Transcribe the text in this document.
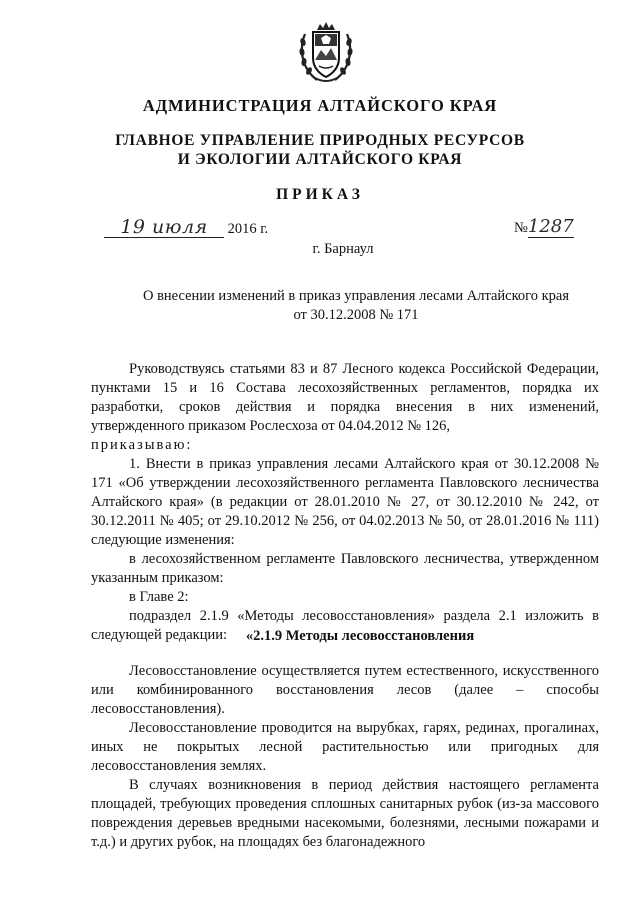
АДМИНИСТРАЦИЯ АЛТАЙСКОГО КРАЯ
ГЛАВНОЕ УПРАВЛЕНИЕ ПРИРОДНЫХ РЕСУРСОВ
И ЭКОЛОГИИ АЛТАЙСКОГО КРАЯ
ПРИКАЗ
19 июля 2016 г.	№1287
г. Барнаул
О внесении изменений в приказ управления лесами Алтайского края
от 30.12.2008 № 171

Руководствуясь статьями 83 и 87 Лесного кодекса Российской Федерации, пунктами 15 и 16 Состава лесохозяйственных регламентов, порядка их разработки, сроков действия и порядка внесения в них изменений, утвержденного приказом Рослесхоза от 04.04.2012 № 126,

приказываю:

1. Внести в приказ управления лесами Алтайского края от 30.12.2008 № 171 «Об утверждении лесохозяйственного регламента Павловского лесничества Алтайского края» (в редакции от 28.01.2010 № 27, от 30.12.2010 № 242, от 30.12.2011 № 405; от 29.10.2012 № 256, от 04.02.2013 № 50, от 28.01.2016 № 111) следующие изменения:

в лесохозяйственном регламенте Павловского лесничества, утвержденном указанным приказом:

в Главе 2:

подраздел 2.1.9 «Методы лесовосстановления» раздела 2.1 изложить в следующей редакции:	«2.1.9 Методы лесовосстановления

Лесовосстановление осуществляется путем естественного, искусственного или комбинированного восстановления лесов (далее – способы лесовосстановления).

Лесовосстановление проводится на вырубках, гарях, рединах, прогалинах, иных не покрытых лесной растительностью или пригодных для лесовосстановления землях.

В случаях возникновения в период действия настоящего регламента площадей, требующих проведения сплошных санитарных рубок (из-за массового повреждения деревьев вредными насекомыми, болезнями, лесными пожарами и т.д.) и других рубок, на площадях без благонадежного
